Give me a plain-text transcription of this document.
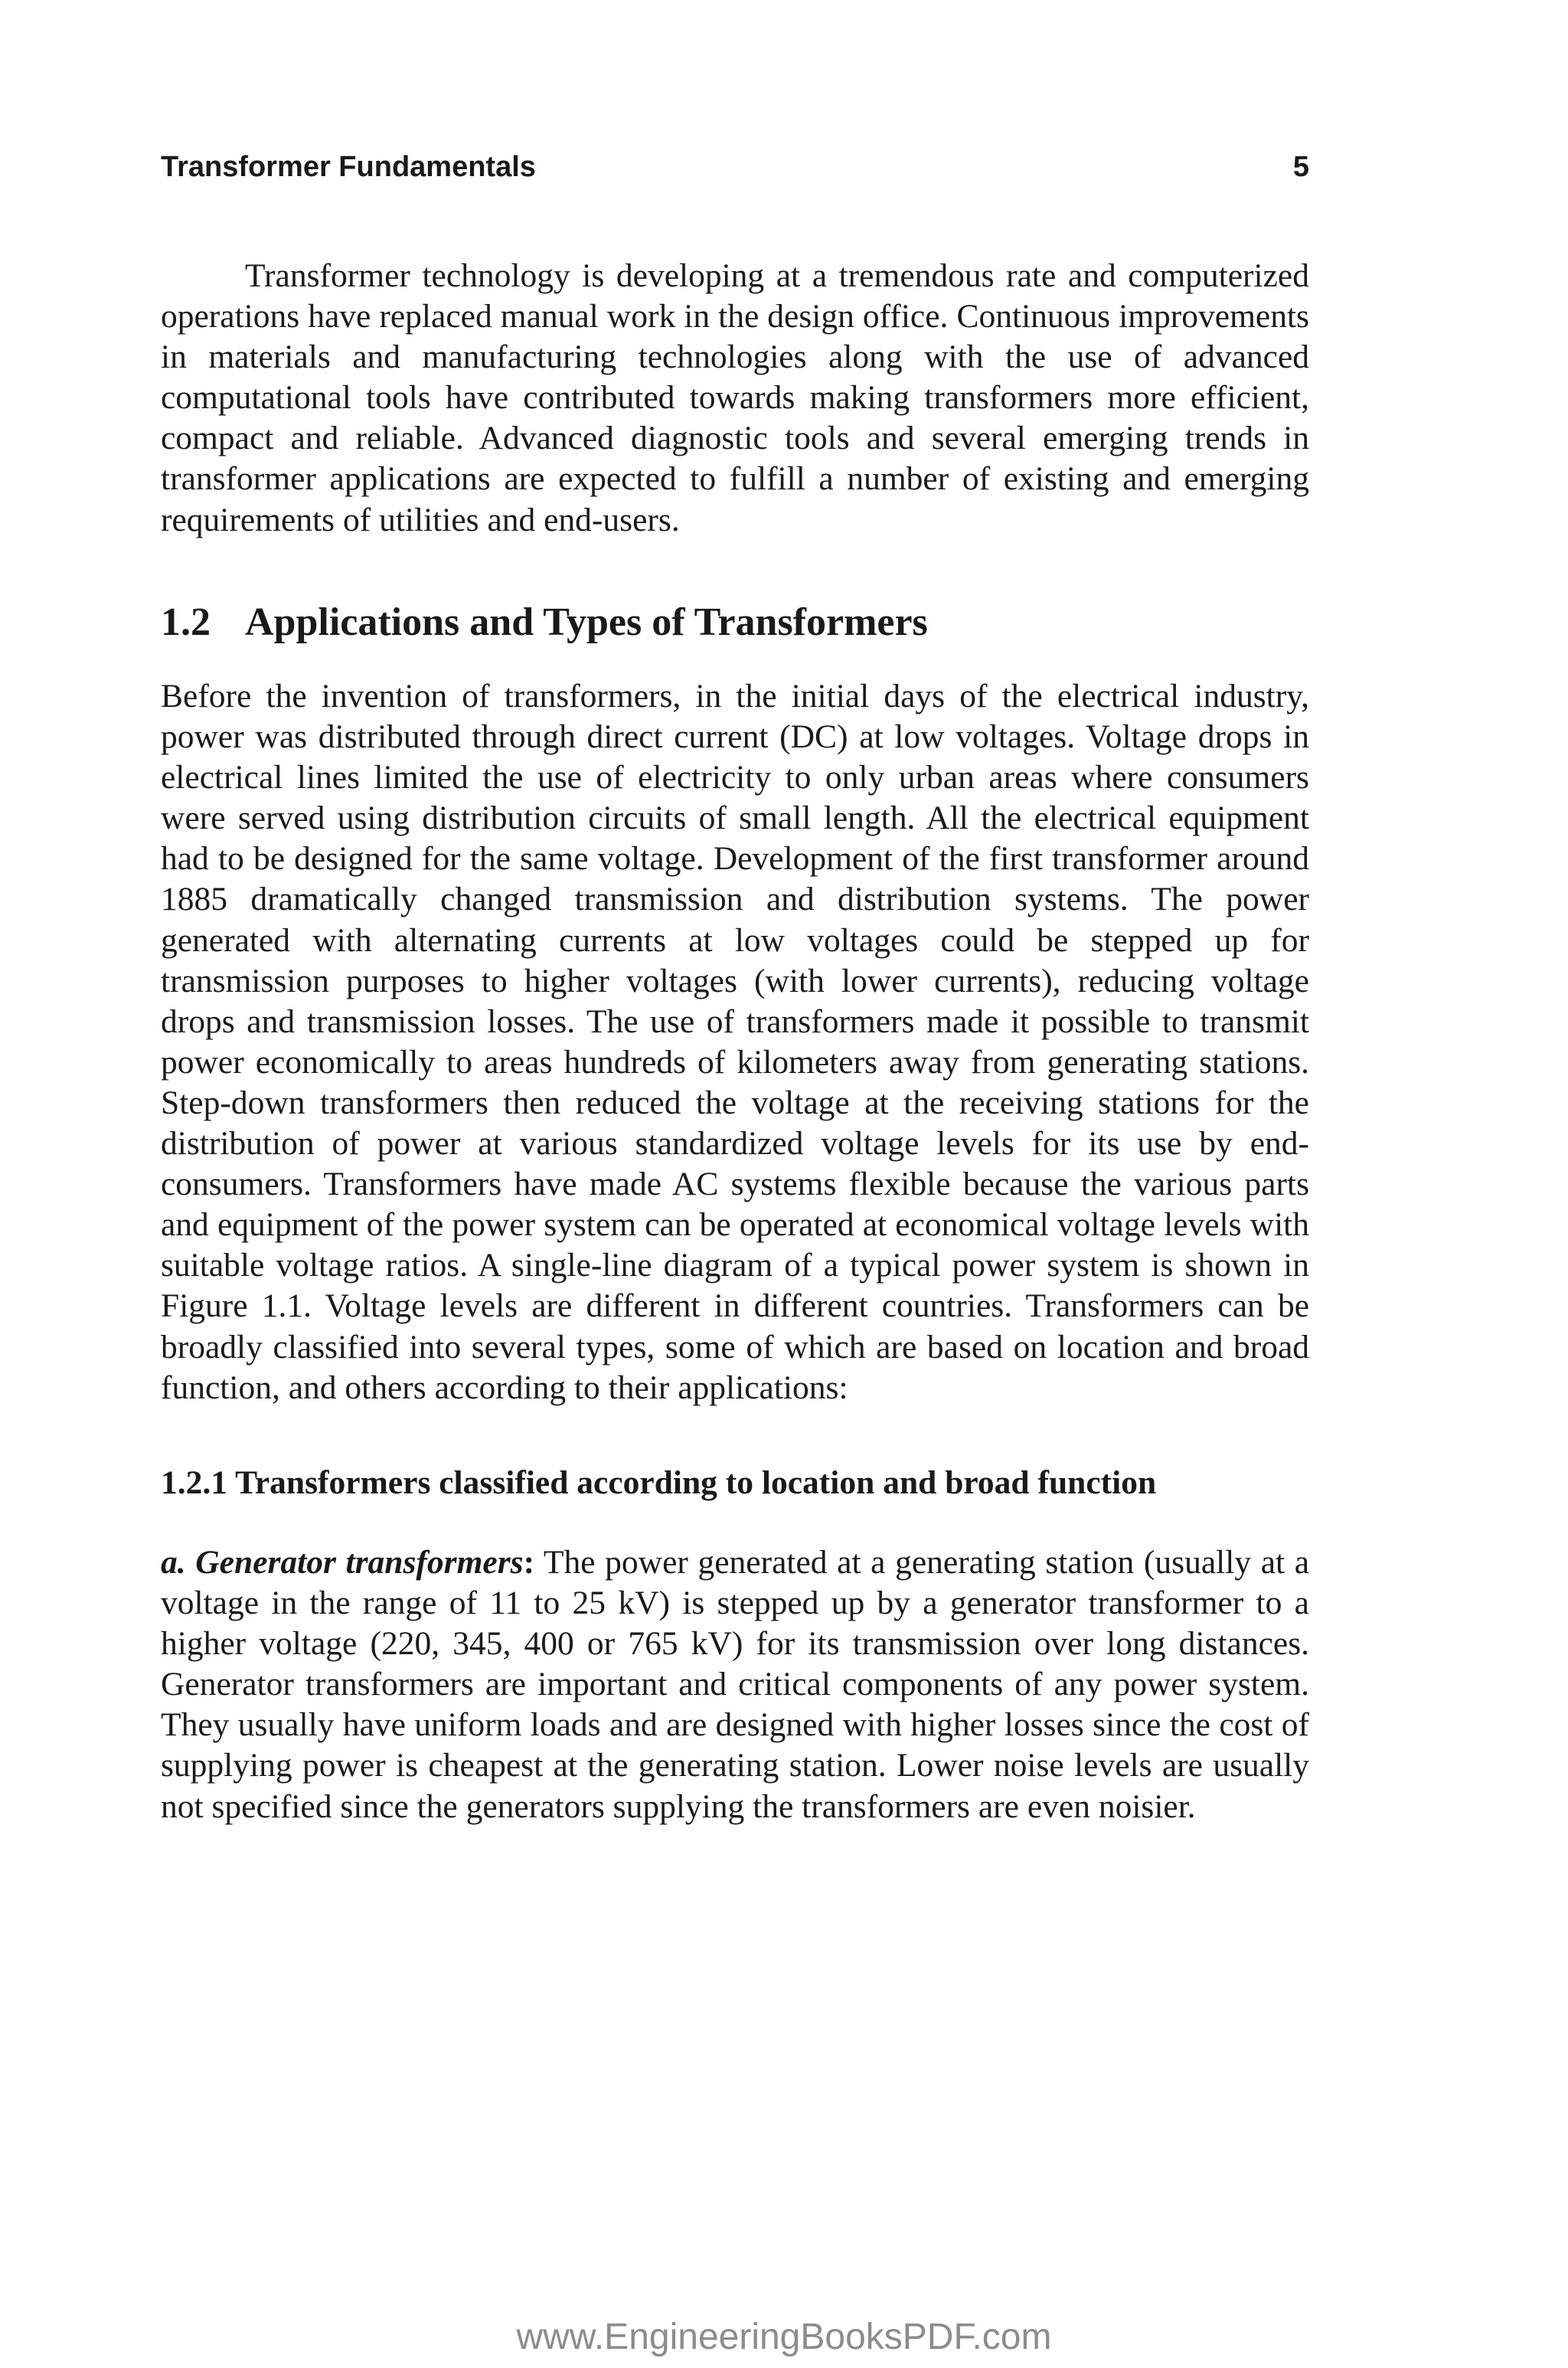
Transformer Fundamentals	5

Transformer technology is developing at a tremendous rate and computerized operations have replaced manual work in the design office. Continuous improvements in materials and manufacturing technologies along with the use of advanced computational tools have contributed towards making transformers more efficient, compact and reliable. Advanced diagnostic tools and several emerging trends in transformer applications are expected to fulfill a number of existing and emerging requirements of utilities and end-users.

1.2 Applications and Types of Transformers

Before the invention of transformers, in the initial days of the electrical industry, power was distributed through direct current (DC) at low voltages. Voltage drops in electrical lines limited the use of electricity to only urban areas where consumers were served using distribution circuits of small length. All the electrical equipment had to be designed for the same voltage. Development of the first transformer around 1885 dramatically changed transmission and distribution systems. The power generated with alternating currents at low voltages could be stepped up for transmission purposes to higher voltages (with lower currents), reducing voltage drops and transmission losses. The use of transformers made it possible to transmit power economically to areas hundreds of kilometers away from generating stations. Step-down transformers then reduced the voltage at the receiving stations for the distribution of power at various standardized voltage levels for its use by end-consumers. Transformers have made AC systems flexible because the various parts and equipment of the power system can be operated at economical voltage levels with suitable voltage ratios. A single-line diagram of a typical power system is shown in Figure 1.1. Voltage levels are different in different countries. Transformers can be broadly classified into several types, some of which are based on location and broad function, and others according to their applications:

1.2.1 Transformers classified according to location and broad function

a. Generator transformers: The power generated at a generating station (usually at a voltage in the range of 11 to 25 kV) is stepped up by a generator transformer to a higher voltage (220, 345, 400 or 765 kV) for its transmission over long distances. Generator transformers are important and critical components of any power system. They usually have uniform loads and are designed with higher losses since the cost of supplying power is cheapest at the generating station. Lower noise levels are usually not specified since the generators supplying the transformers are even noisier.

www.EngineeringBooksPDF.com
